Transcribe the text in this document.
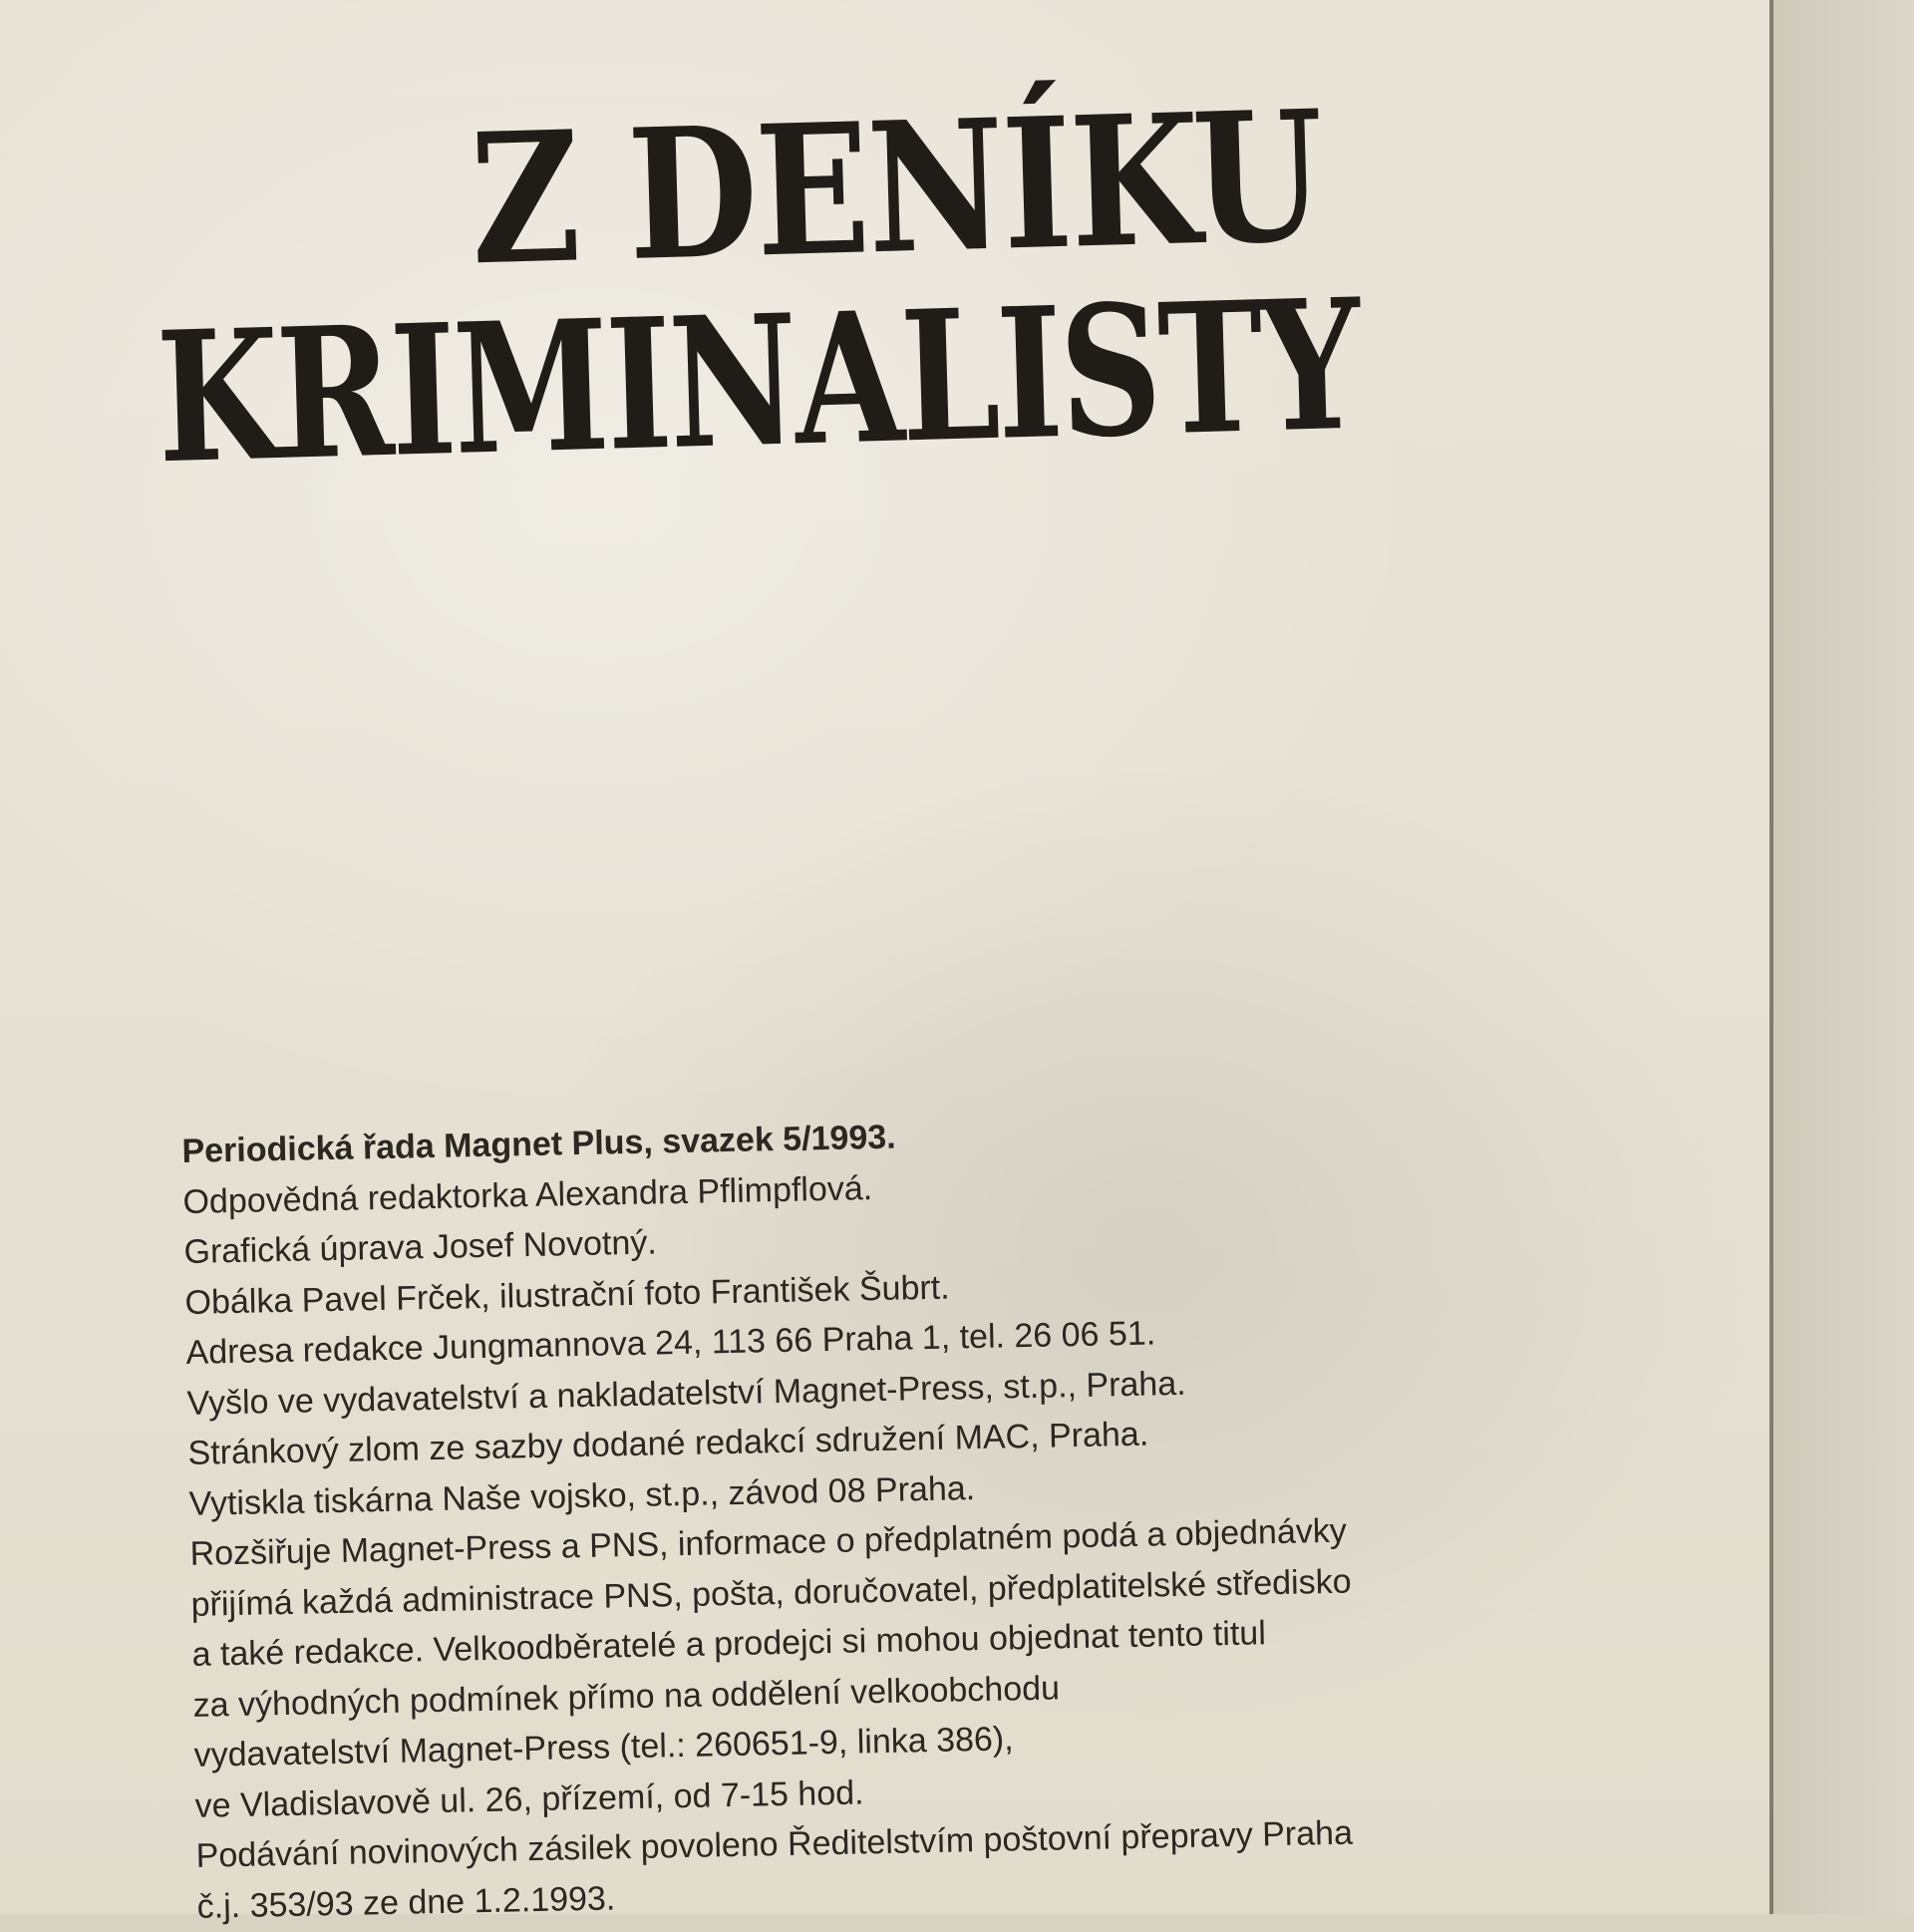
Z DENÍKU
KRIMINALISTY
Periodická řada Magnet Plus, svazek 5/1993.
Odpovědná redaktorka Alexandra Pflimpflová.
Grafická úprava Josef Novotný.
Obálka Pavel Frček, ilustrační foto František Šubrt.
Adresa redakce Jungmannova 24, 113 66 Praha 1, tel. 26 06 51.
Vyšlo ve vydavatelství a nakladatelství Magnet-Press, st.p., Praha.
Stránkový zlom ze sazby dodané redakcí sdružení MAC, Praha.
Vytiskla tiskárna Naše vojsko, st.p., závod 08 Praha.
Rozšiřuje Magnet-Press a PNS, informace o předplatném podá a objednávky
přijímá každá administrace PNS, pošta, doručovatel, předplatitelské středisko
a také redakce. Velkoodběratelé a prodejci si mohou objednat tento titul
za výhodných podmínek přímo na oddělení velkoobchodu
vydavatelství Magnet-Press (tel.: 260651-9, linka 386),
ve Vladislavově ul. 26, přízemí, od 7-15 hod.
Podávání novinových zásilek povoleno Ředitelstvím poštovní přepravy Praha
č.j. 353/93 ze dne 1.2.1993.
